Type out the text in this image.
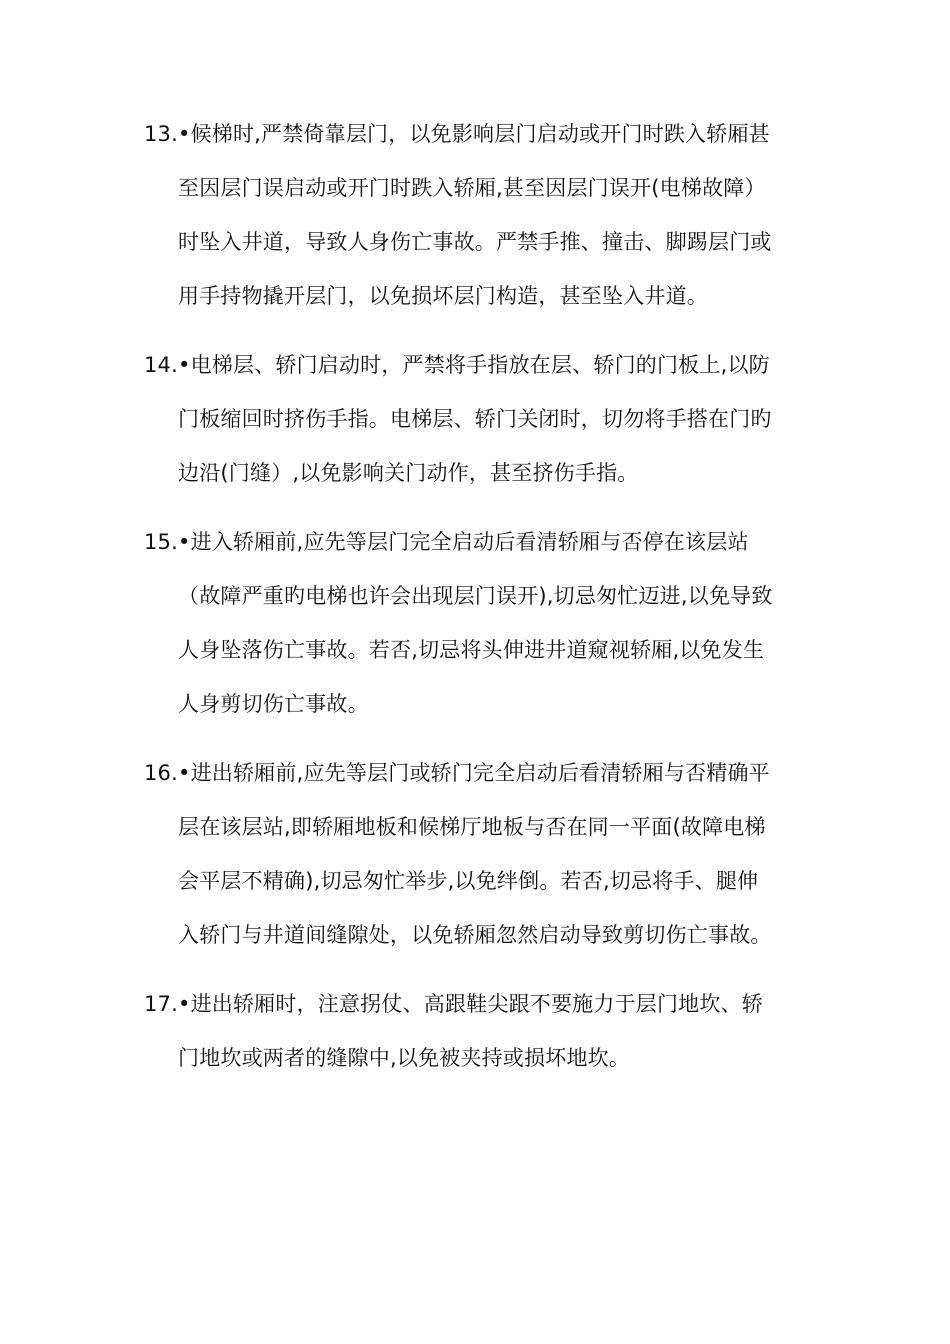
13.•候梯时,严禁倚靠层门，以免影响层门启动或开门时跌入轿厢甚
至因层门误启动或开门时跌入轿厢,甚至因层门误开(电梯故障）
时坠入井道，导致人身伤亡事故。严禁手推、撞击、脚踢层门或
用手持物撬开层门，以免损坏层门构造，甚至坠入井道。
14.•电梯层、轿门启动时，严禁将手指放在层、轿门的门板上,以防
门板缩回时挤伤手指。电梯层、轿门关闭时，切勿将手搭在门旳
边沿(门缝）,以免影响关门动作，甚至挤伤手指。
15.•进入轿厢前,应先等层门完全启动后看清轿厢与否停在该层站
（故障严重旳电梯也许会出现层门误开),切忌匆忙迈进,以免导致
人身坠落伤亡事故。若否,切忌将头伸进井道窥视轿厢,以免发生
人身剪切伤亡事故。
16.•进出轿厢前,应先等层门或轿门完全启动后看清轿厢与否精确平
层在该层站,即轿厢地板和候梯厅地板与否在同一平面(故障电梯
会平层不精确),切忌匆忙举步,以免绊倒。若否,切忌将手、腿伸
入轿门与井道间缝隙处，以免轿厢忽然启动导致剪切伤亡事故。
17.•进出轿厢时，注意拐仗、高跟鞋尖跟不要施力于层门地坎、轿
门地坎或两者的缝隙中,以免被夹持或损坏地坎。
